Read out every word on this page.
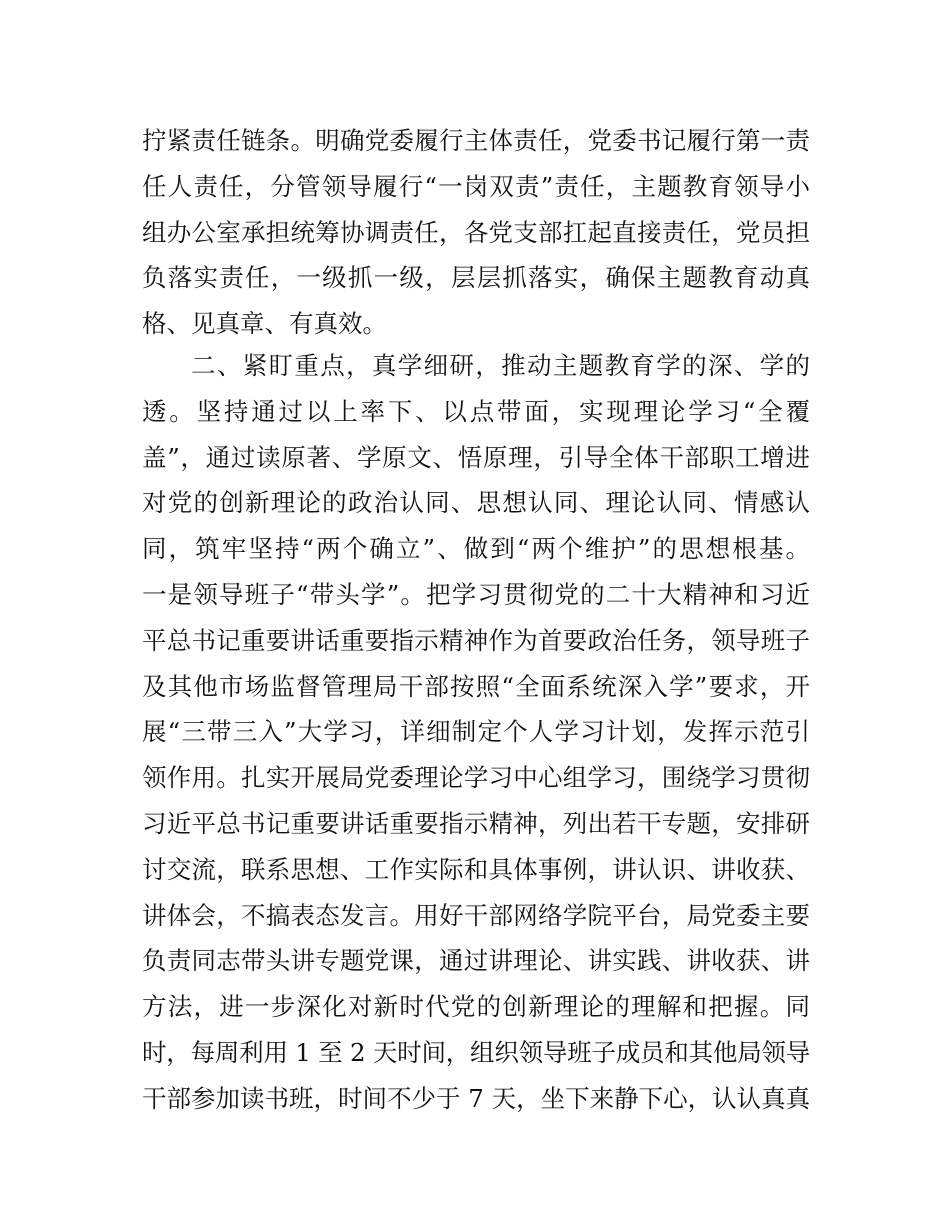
拧紧责任链条。明确党委履行主体责任，党委书记履行第一责
任人责任，分管领导履行“一岗双责”责任，主题教育领导小
组办公室承担统筹协调责任，各党支部扛起直接责任，党员担
负落实责任，一级抓一级，层层抓落实，确保主题教育动真
格、见真章、有真效。
二、紧盯重点，真学细研，推动主题教育学的深、学的
透。坚持通过以上率下、以点带面，实现理论学习“全覆
盖”，通过读原著、学原文、悟原理，引导全体干部职工增进
对党的创新理论的政治认同、思想认同、理论认同、情感认
同，筑牢坚持“两个确立”、做到“两个维护”的思想根基。
一是领导班子“带头学”。把学习贯彻党的二十大精神和习近
平总书记重要讲话重要指示精神作为首要政治任务，领导班子
及其他市场监督管理局干部按照“全面系统深入学”要求，开
展“三带三入”大学习，详细制定个人学习计划，发挥示范引
领作用。扎实开展局党委理论学习中心组学习，围绕学习贯彻
习近平总书记重要讲话重要指示精神，列出若干专题，安排研
讨交流，联系思想、工作实际和具体事例，讲认识、讲收获、
讲体会，不搞表态发言。用好干部网络学院平台，局党委主要
负责同志带头讲专题党课，通过讲理论、讲实践、讲收获、讲
方法，进一步深化对新时代党的创新理论的理解和把握。同
时，每周利用 1 至 2 天时间，组织领导班子成员和其他局领导
干部参加读书班，时间不少于 7 天，坐下来静下心，认认真真
